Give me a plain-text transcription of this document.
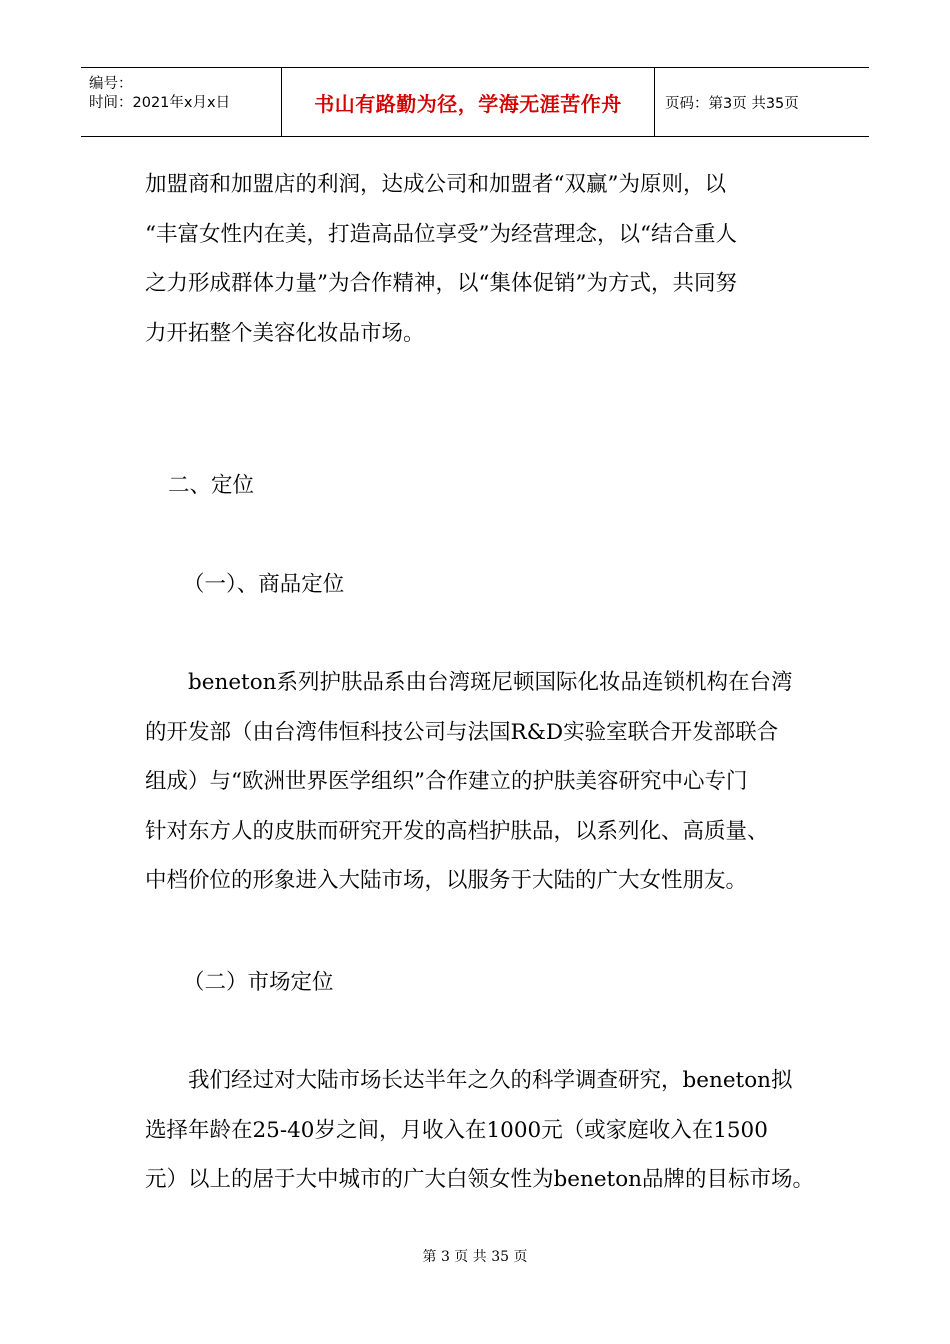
编号：
时间：2021年x月x日	书山有路勤为径，学海无涯苦作舟	页码：第3页 共35页
加盟商和加盟店的利润，达成公司和加盟者“双赢”为原则，以
“丰富女性内在美，打造高品位享受”为经营理念，以“结合重人
之力形成群体力量”为合作精神，以“集体促销”为方式，共同努
力开拓整个美容化妆品市场。
二、定位
（一）、商品定位
beneton系列护肤品系由台湾斑尼顿国际化妆品连锁机构在台湾
的开发部（由台湾伟恒科技公司与法国R&D实验室联合开发部联合
组成）与“欧洲世界医学组织”合作建立的护肤美容研究中心专门
针对东方人的皮肤而研究开发的高档护肤品，以系列化、高质量、
中档价位的形象进入大陆市场，以服务于大陆的广大女性朋友。
（二）市场定位
我们经过对大陆市场长达半年之久的科学调查研究，beneton拟
选择年龄在25-40岁之间，月收入在1000元（或家庭收入在1500
元）以上的居于大中城市的广大白领女性为beneton品牌的目标市场。
第 3 页 共 35 页
